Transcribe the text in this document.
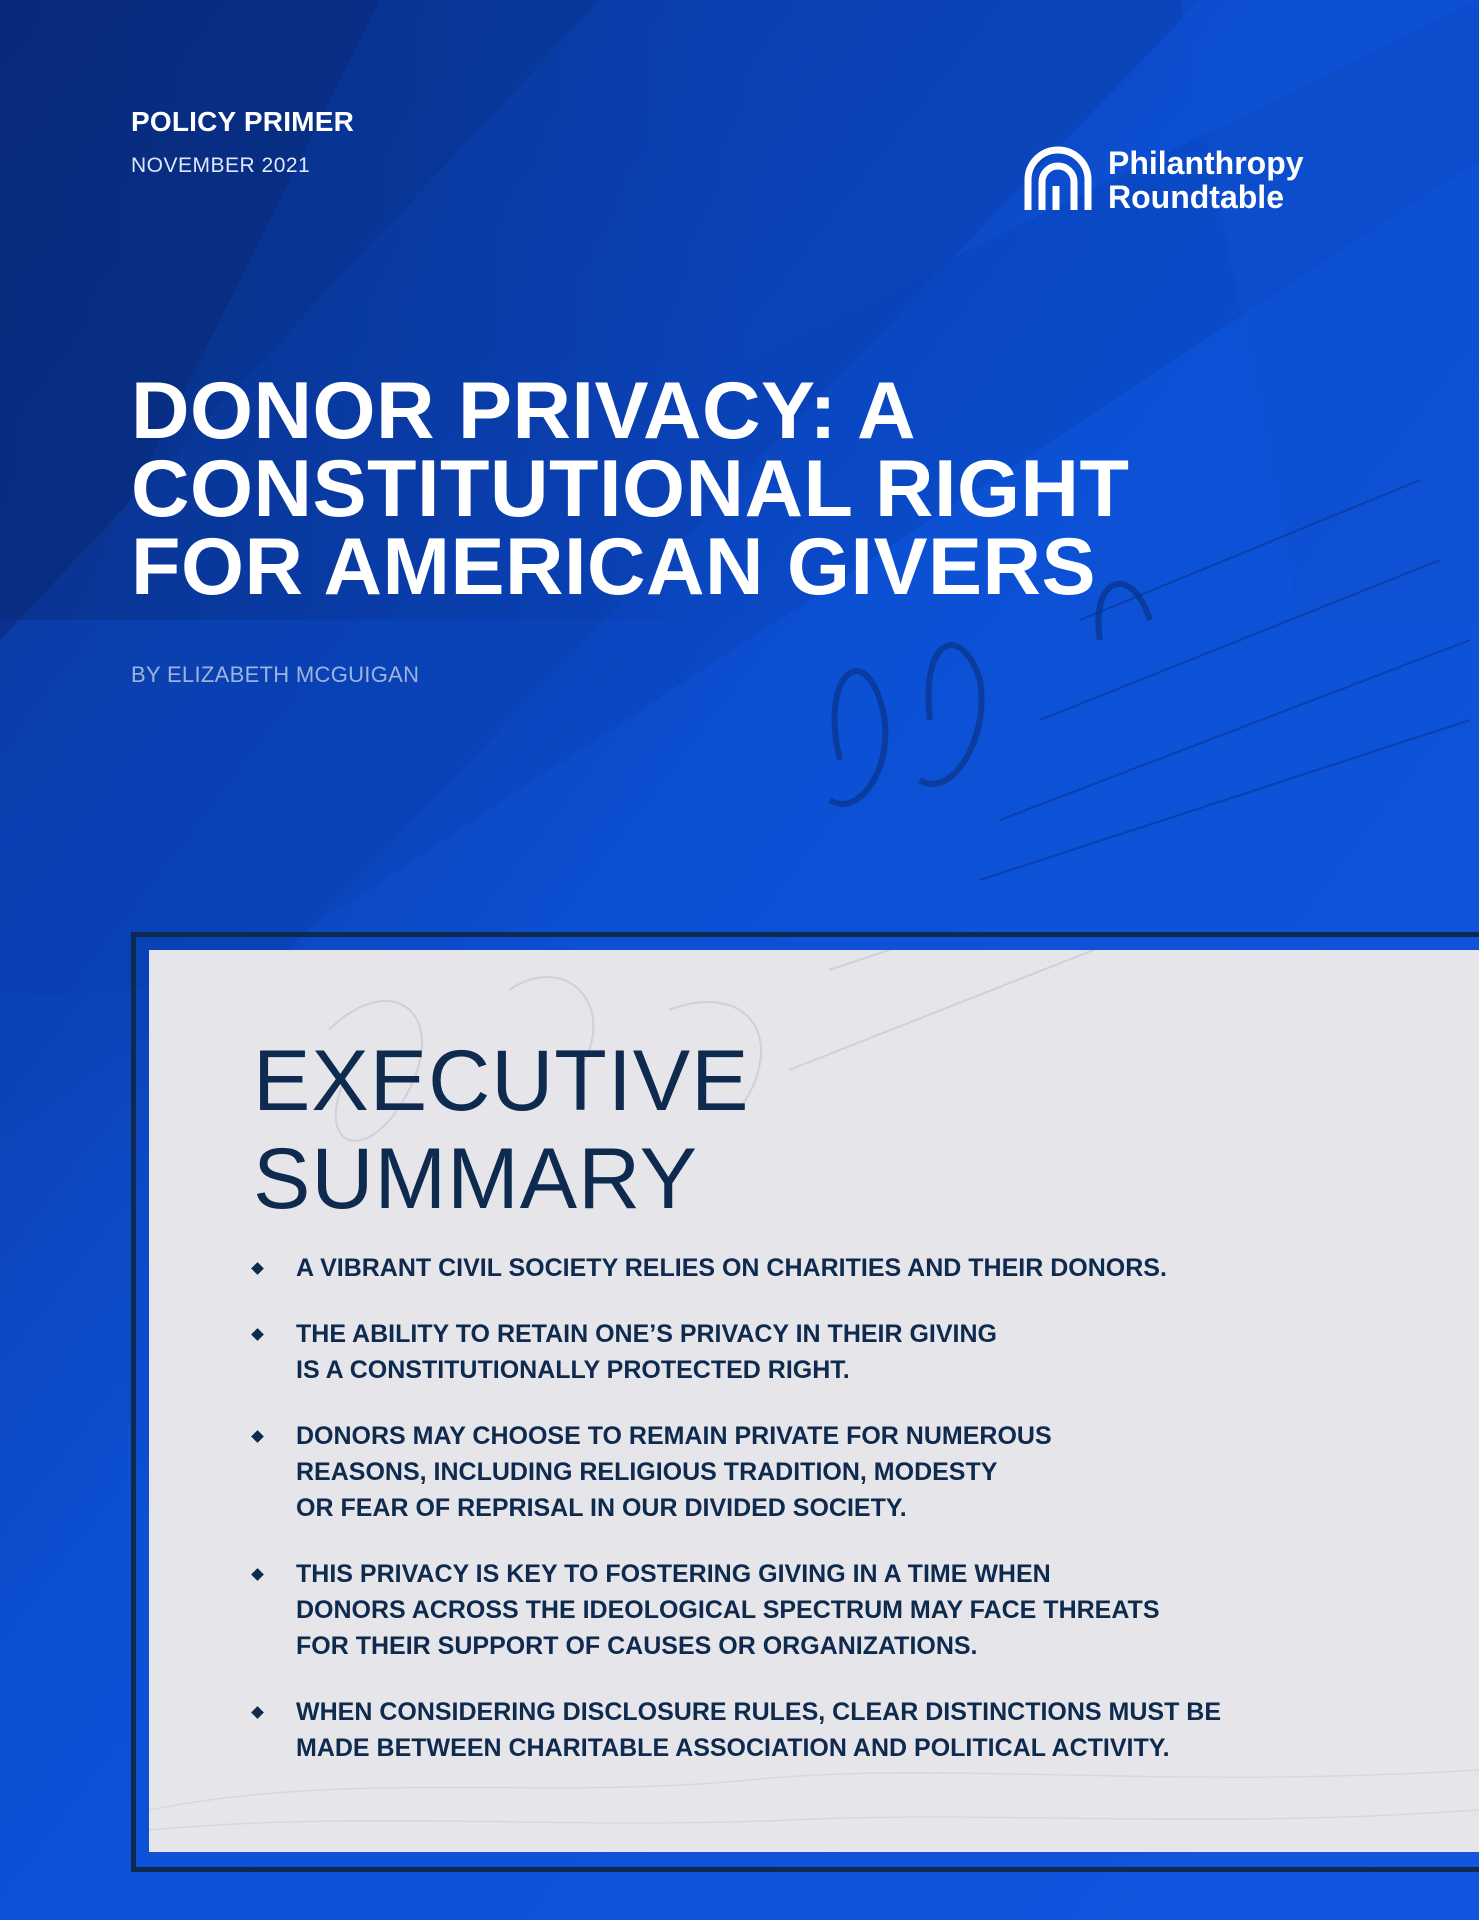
POLICY PRIMER
NOVEMBER 2021	Philanthropy
Roundtable
DONOR PRIVACY: A
CONSTITUTIONAL RIGHT
FOR AMERICAN GIVERS
BY ELIZABETH MCGUIGAN
EXECUTIVE
SUMMARY
A VIBRANT CIVIL SOCIETY RELIES ON CHARITIES AND THEIR DONORS.
THE ABILITY TO RETAIN ONE’S PRIVACY IN THEIR GIVING
IS A CONSTITUTIONALLY PROTECTED RIGHT.
DONORS MAY CHOOSE TO REMAIN PRIVATE FOR NUMEROUS
REASONS, INCLUDING RELIGIOUS TRADITION, MODESTY
OR FEAR OF REPRISAL IN OUR DIVIDED SOCIETY.
THIS PRIVACY IS KEY TO FOSTERING GIVING IN A TIME WHEN
DONORS ACROSS THE IDEOLOGICAL SPECTRUM MAY FACE THREATS
FOR THEIR SUPPORT OF CAUSES OR ORGANIZATIONS.
WHEN CONSIDERING DISCLOSURE RULES, CLEAR DISTINCTIONS MUST BE
MADE BETWEEN CHARITABLE ASSOCIATION AND POLITICAL ACTIVITY.
